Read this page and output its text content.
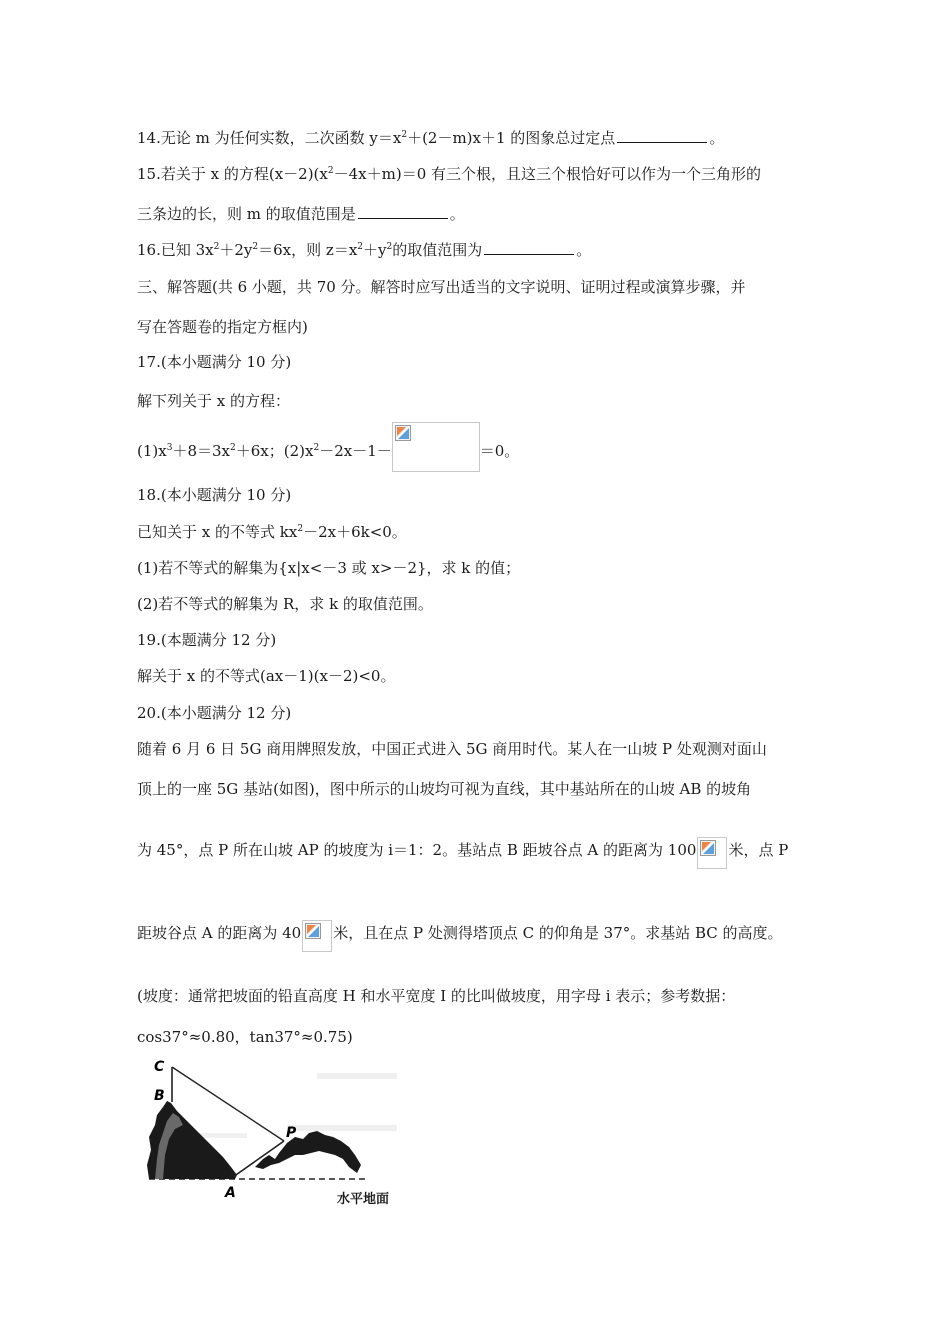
14.无论 m 为任何实数，二次函数 $y=x^2+(2-m)x+1$ 的图象总过定点	。
15.若关于 x 的方程$(x-2)(x^2-4x+m)=0$ 有三个根，且这三个根恰好可以作为一个三角形的
三条边的长，则 m 的取值范围是	。
16.已知 $3x^2+2y^2=6x$，则 $z=x^2+y^2$的取值范围为	。
三、解答题(共 6 小题，共 70 分。解答时应写出适当的文字说明、证明过程或演算步骤，并
写在答题卷的指定方框内)
17.(本小题满分 10 分)
解下列关于 x 的方程：
$(1)x^3+8=3x^2+6x$；$(2)x^2-2x-1-$	＝0。
18.(本小题满分 10 分)
已知关于 x 的不等式 $kx^2-2x+6k<0$。
(1)若不等式的解集为{x|x<－3 或 x>－2}，求 k 的值；
(2)若不等式的解集为 R，求 k 的取值范围。
19.(本题满分 12 分)
解关于 x 的不等式(ax－1)(x－2)<0。
20.(本小题满分 12 分)
随着 6 月 6 日 5G 商用牌照发放，中国正式进入 5G 商用时代。某人在一山坡 P 处观测对面山
顶上的一座 5G 基站(如图)，图中所示的山坡均可视为直线，其中基站所在的山坡 AB 的坡角
为 45°，点 P 所在山坡 AP 的坡度为 i＝1：2。基站点 B 距坡谷点 A 的距离为 100 米，点 P
距坡谷点 A 的距离为 40 米，且在点 P 处测得塔顶点 C 的仰角是 37°。求基站 BC 的高度。
(坡度：通常把坡面的铅直高度 H 和水平宽度 I 的比叫做坡度，用字母 i 表示；参考数据：
cos37°≈0.80，tan37°≈0.75)
C
B
P
A	水平地面
